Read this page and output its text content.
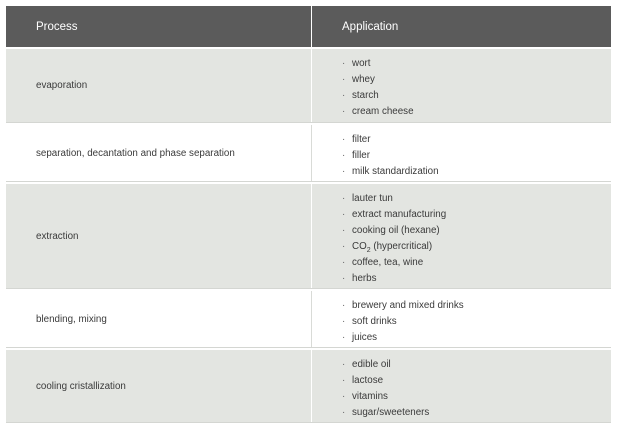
Process	Application
evaporation
· wort
· whey
· starch
· cream cheese
separation, decantation and phase separation
· filter
· filler
· milk standardization
extraction
· lauter tun
· extract manufacturing
· cooking oil (hexane)
· $CO_2$ (hypercritical)
· coffee, tea, wine
· herbs
blending, mixing
· brewery and mixed drinks
· soft drinks
· juices
cooling cristallization
· edible oil
· lactose
· vitamins
· sugar/sweeteners
